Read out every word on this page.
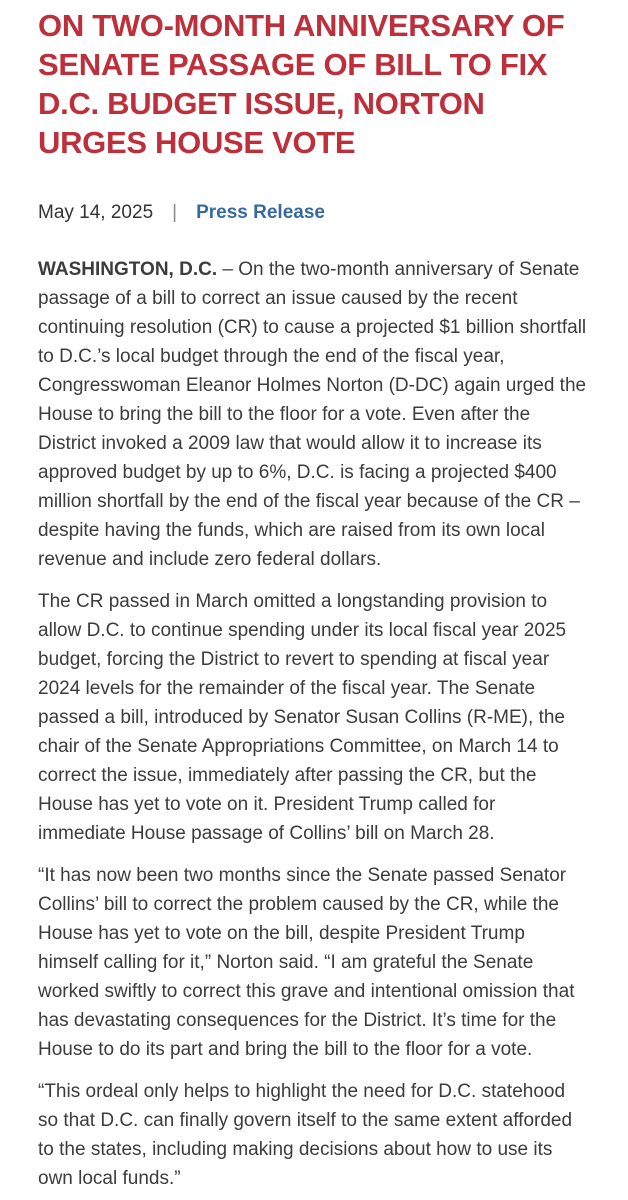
ON TWO-MONTH ANNIVERSARY OF SENATE PASSAGE OF BILL TO FIX D.C. BUDGET ISSUE, NORTON URGES HOUSE VOTE
May 14, 2025 | Press Release

WASHINGTON, D.C. – On the two-month anniversary of Senate passage of a bill to correct an issue caused by the recent continuing resolution (CR) to cause a projected $1 billion shortfall to D.C.’s local budget through the end of the fiscal year, Congresswoman Eleanor Holmes Norton (D-DC) again urged the House to bring the bill to the floor for a vote. Even after the District invoked a 2009 law that would allow it to increase its approved budget by up to 6%, D.C. is facing a projected $400 million shortfall by the end of the fiscal year because of the CR – despite having the funds, which are raised from its own local revenue and include zero federal dollars.

The CR passed in March omitted a longstanding provision to allow D.C. to continue spending under its local fiscal year 2025 budget, forcing the District to revert to spending at fiscal year 2024 levels for the remainder of the fiscal year. The Senate passed a bill, introduced by Senator Susan Collins (R-ME), the chair of the Senate Appropriations Committee, on March 14 to correct the issue, immediately after passing the CR, but the House has yet to vote on it. President Trump called for immediate House passage of Collins’ bill on March 28.

“It has now been two months since the Senate passed Senator Collins’ bill to correct the problem caused by the CR, while the House has yet to vote on the bill, despite President Trump himself calling for it,” Norton said. “I am grateful the Senate worked swiftly to correct this grave and intentional omission that has devastating consequences for the District. It’s time for the House to do its part and bring the bill to the floor for a vote.

“This ordeal only helps to highlight the need for D.C. statehood so that D.C. can finally govern itself to the same extent afforded to the states, including making decisions about how to use its own local funds.”
